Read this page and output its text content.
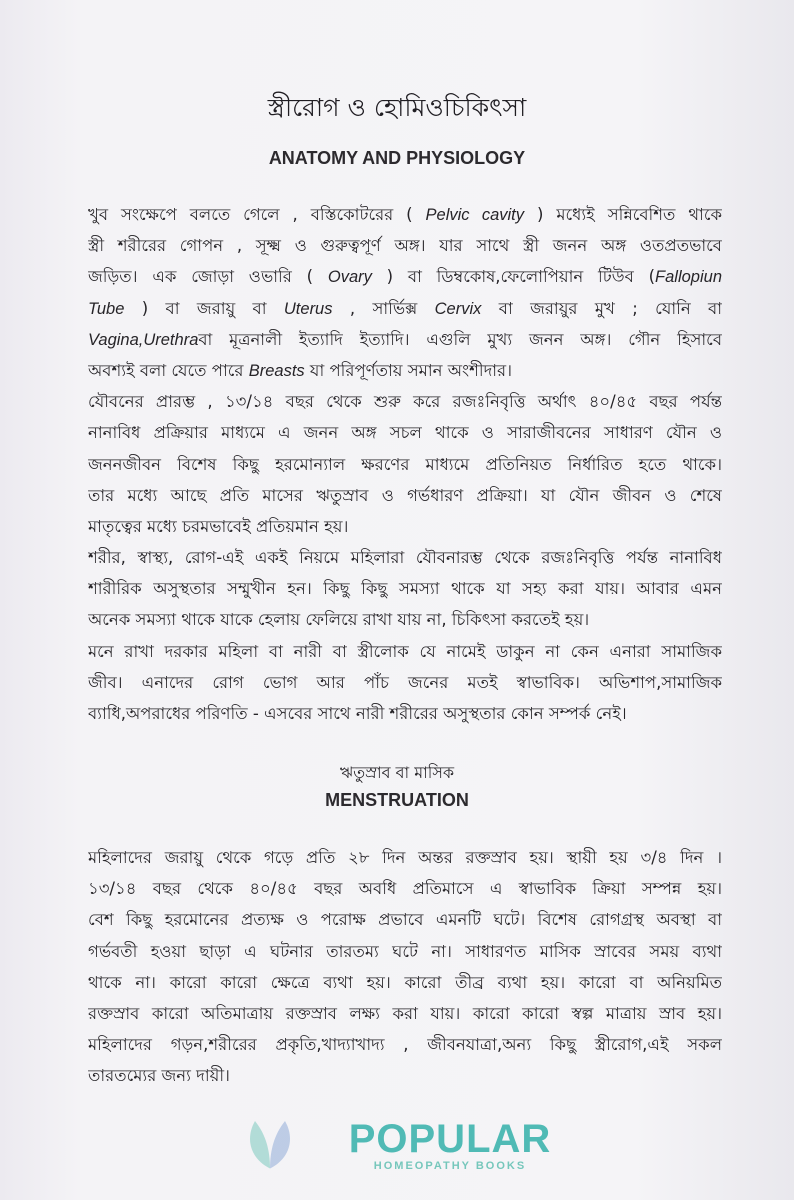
স্ত্রীরোগ ও হোমিওচিকিৎসা
ANATOMY AND PHYSIOLOGY
খুব সংক্ষেপে বলতে গেলে , বস্তিকোটরের ( Pelvic cavity ) মধ্যেই সন্নিবেশিত থাকে
স্ত্রী শরীরের গোপন , সূক্ষ্ম ও গুরুত্বপূর্ণ অঙ্গ। যার সাথে স্ত্রী জনন অঙ্গ ওতপ্রতভাবে
জড়িত। এক জোড়া ওভারি ( Ovary ) বা ডিম্বকোষ,ফেলোপিয়ান টিউব (Fallopiun
Tube ) বা জরায়ু বা Uterus , সার্ভিক্স Cervix বা জরায়ুর মুখ ; যোনি বা
Vagina,Urethraবা মূত্রনালী ইত্যাদি ইত্যাদি। এগুলি মুখ্য জনন অঙ্গ। গৌন হিসাবে
অবশ্যই বলা যেতে পারে Breasts যা পরিপূর্ণতায় সমান অংশীদার।
যৌবনের প্রারম্ভ , ১৩/১৪ বছর থেকে শুরু করে রজঃনিবৃত্তি অর্থাৎ ৪০/৪৫ বছর পর্যন্ত
নানাবিধ প্রক্রিয়ার মাধ্যমে এ জনন অঙ্গ সচল থাকে ও সারাজীবনের সাধারণ যৌন ও
জননজীবন বিশেষ কিছু হরমোন্যাল ক্ষরণের মাধ্যমে প্রতিনিয়ত নির্ধারিত হতে থাকে।
তার মধ্যে আছে প্রতি মাসের ঋতুস্রাব ও গর্ভধারণ প্রক্রিয়া। যা যৌন জীবন ও শেষে
মাতৃত্বের মধ্যে চরমভাবেই প্রতিয়মান হয়।
শরীর, স্বাস্থ্য, রোগ-এই একই নিয়মে মহিলারা যৌবনারম্ভ থেকে রজঃনিবৃত্তি পর্যন্ত নানাবিধ
শারীরিক অসুস্থতার সম্মুখীন হন। কিছু কিছু সমস্যা থাকে যা সহ্য করা যায়। আবার এমন
অনেক সমস্যা থাকে যাকে হেলায় ফেলিয়ে রাখা যায় না, চিকিৎসা করতেই হয়।
মনে রাখা দরকার মহিলা বা নারী বা স্ত্রীলোক যে নামেই ডাকুন না কেন এনারা সামাজিক
জীব। এনাদের রোগ ভোগ আর পাঁচ জনের মতই স্বাভাবিক। অভিশাপ,সামাজিক
ব্যাধি,অপরাধের পরিণতি - এসবের সাথে নারী শরীরের অসুস্থতার কোন সম্পর্ক নেই।
ঋতুস্রাব বা মাসিক
MENSTRUATION
মহিলাদের জরায়ু থেকে গড়ে প্রতি ২৮ দিন অন্তর রক্তস্রাব হয়। স্থায়ী হয় ৩/৪ দিন ।
১৩/১৪ বছর থেকে ৪০/৪৫ বছর অবধি প্রতিমাসে এ স্বাভাবিক ক্রিয়া সম্পন্ন হয়।
বেশ কিছু হরমোনের প্রত্যক্ষ ও পরোক্ষ প্রভাবে এমনটি ঘটে। বিশেষ রোগগ্রস্থ অবস্থা বা
গর্ভবতী হওয়া ছাড়া এ ঘটনার তারতম্য ঘটে না। সাধারণত মাসিক স্রাবের সময় ব্যথা
থাকে না। কারো কারো ক্ষেত্রে ব্যথা হয়। কারো তীব্র ব্যথা হয়। কারো বা অনিয়মিত
রক্তস্রাব কারো অতিমাত্রায় রক্তস্রাব লক্ষ্য করা যায়। কারো কারো স্বল্প মাত্রায় স্রাব হয়।
মহিলাদের গড়ন,শরীরের প্রকৃতি,খাদ্যাখাদ্য , জীবনযাত্রা,অন্য কিছু স্ত্রীরোগ,এই সকল
তারতম্যের জন্য দায়ী।
POPULAR
HOMEOPATHY BOOKS
